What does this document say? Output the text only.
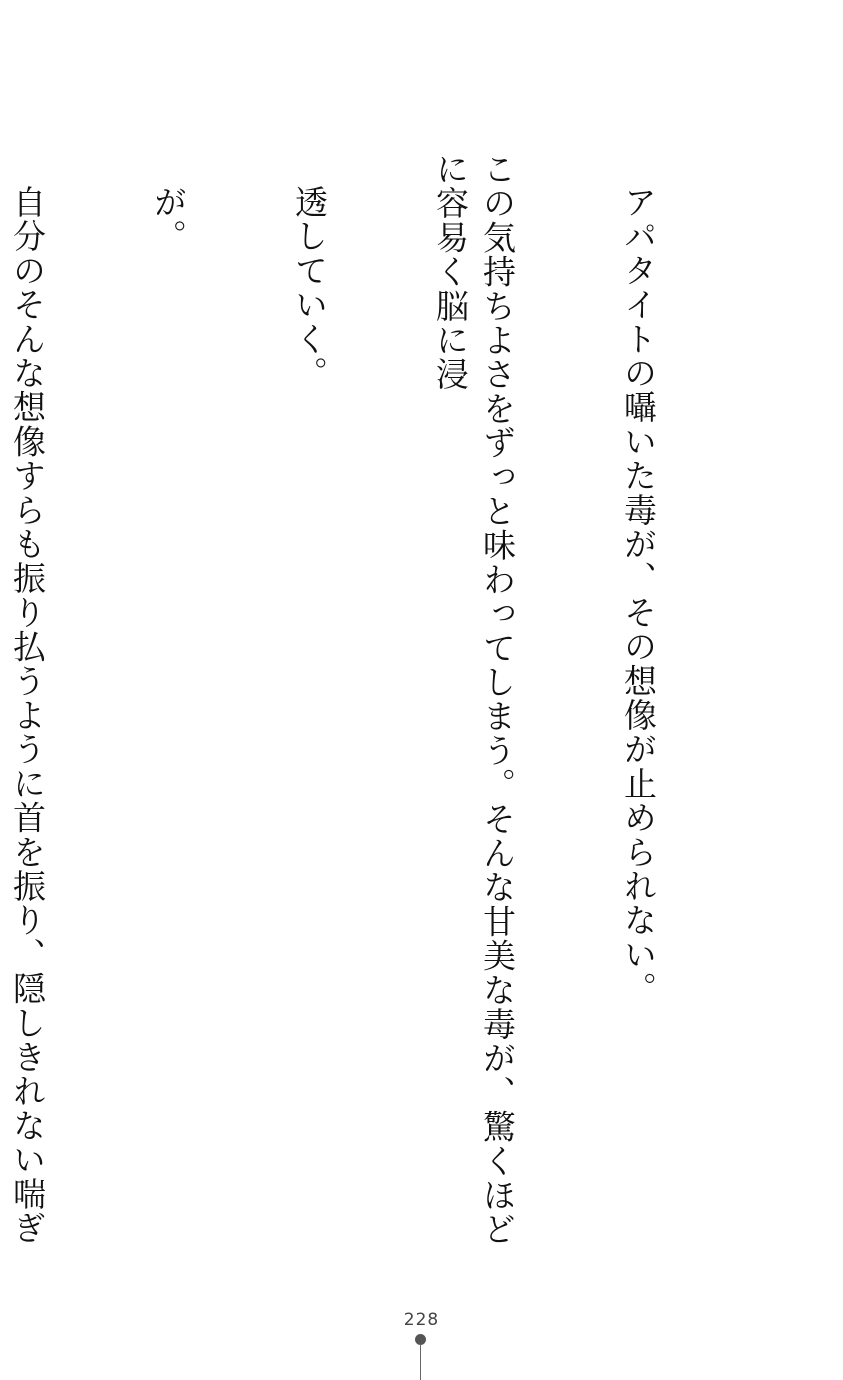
アパタイトの囁いた毒が、その想像が止められない。

この気持ちよさをずっと味わってしまう。そんな甘美な毒が、驚くほどに容易く脳に浸

透していく。

が。

自分のそんな想像すらも振り払うように首を振り、隠しきれない喘ぎ

228
